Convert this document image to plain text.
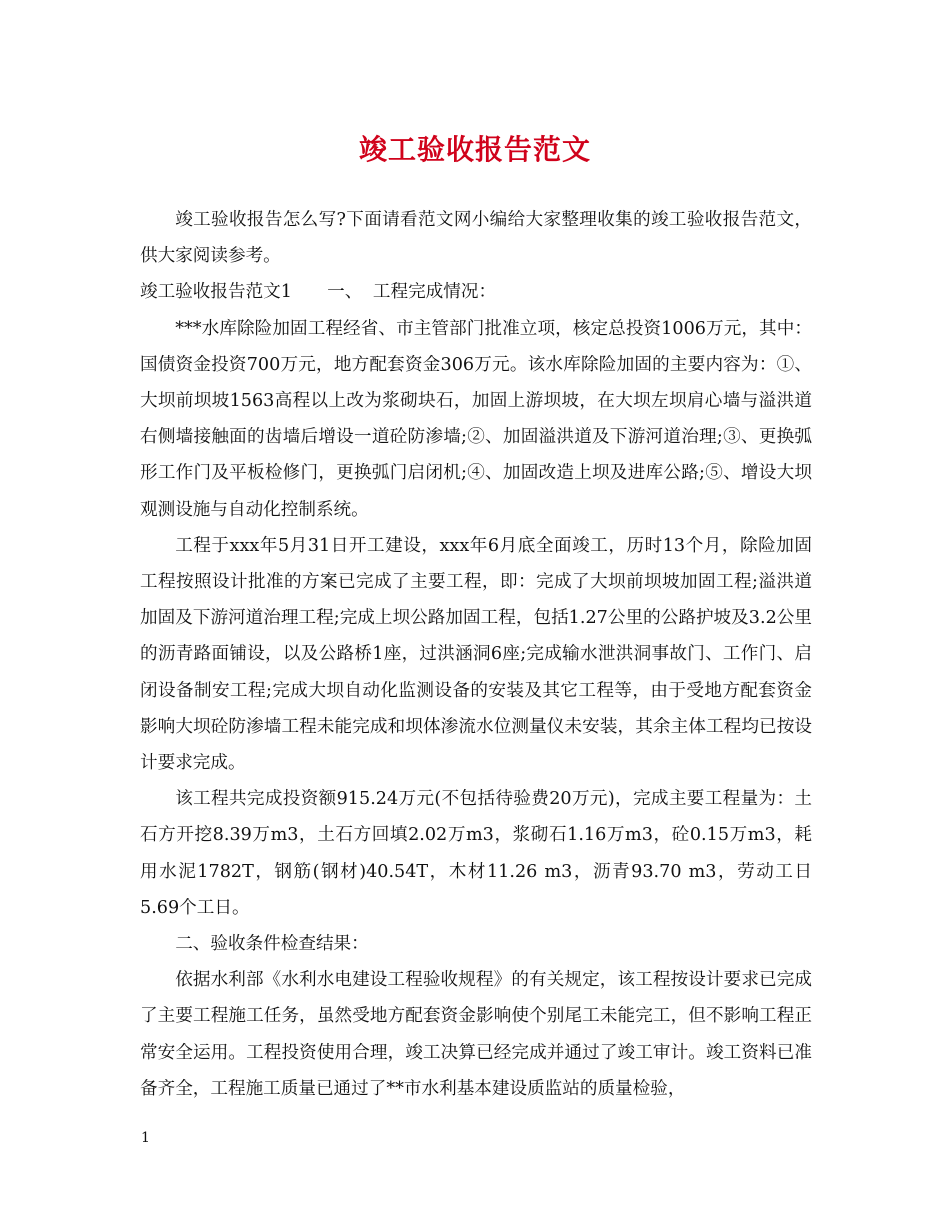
竣工验收报告范文

竣工验收报告怎么写?下面请看范文网小编给大家整理收集的竣工验收报告范文，供大家阅读参考。

竣工验收报告范文1 一、 工程完成情况：

***水库除险加固工程经省、市主管部门批准立项，核定总投资1006万元，其中：国债资金投资700万元，地方配套资金306万元。该水库除险加固的主要内容为：①、大坝前坝坡1563高程以上改为浆砌块石，加固上游坝坡，在大坝左坝肩心墙与溢洪道右侧墙接触面的齿墙后增设一道砼防渗墙;②、加固溢洪道及下游河道治理;③、更换弧形工作门及平板检修门，更换弧门启闭机;④、加固改造上坝及进库公路;⑤、增设大坝观测设施与自动化控制系统。

工程于xxx年5月31日开工建设，xxx年6月底全面竣工，历时13个月，除险加固工程按照设计批准的方案已完成了主要工程，即：完成了大坝前坝坡加固工程;溢洪道加固及下游河道治理工程;完成上坝公路加固工程，包括1.27公里的公路护坡及3.2公里的沥青路面铺设，以及公路桥1座，过洪涵洞6座;完成输水泄洪洞事故门、工作门、启闭设备制安工程;完成大坝自动化监测设备的安装及其它工程等，由于受地方配套资金影响大坝砼防渗墙工程未能完成和坝体渗流水位测量仪未安装，其余主体工程均已按设计要求完成。

该工程共完成投资额915.24万元(不包括待验费20万元)，完成主要工程量为：土石方开挖8.39万m3，土石方回填2.02万m3，浆砌石1.16万m3，砼0.15万m3，耗用水泥1782T，钢筋(钢材)40.54T，木材11.26 m3，沥青93.70 m3，劳动工日5.69个工日。

二、验收条件检查结果：

依据水利部《水利水电建设工程验收规程》的有关规定，该工程按设计要求已完成了主要工程施工任务，虽然受地方配套资金影响使个别尾工未能完工，但不影响工程正常安全运用。工程投资使用合理，竣工决算已经完成并通过了竣工审计。竣工资料已准备齐全，工程施工质量已通过了**市水利基本建设质监站的质量检验，

1
